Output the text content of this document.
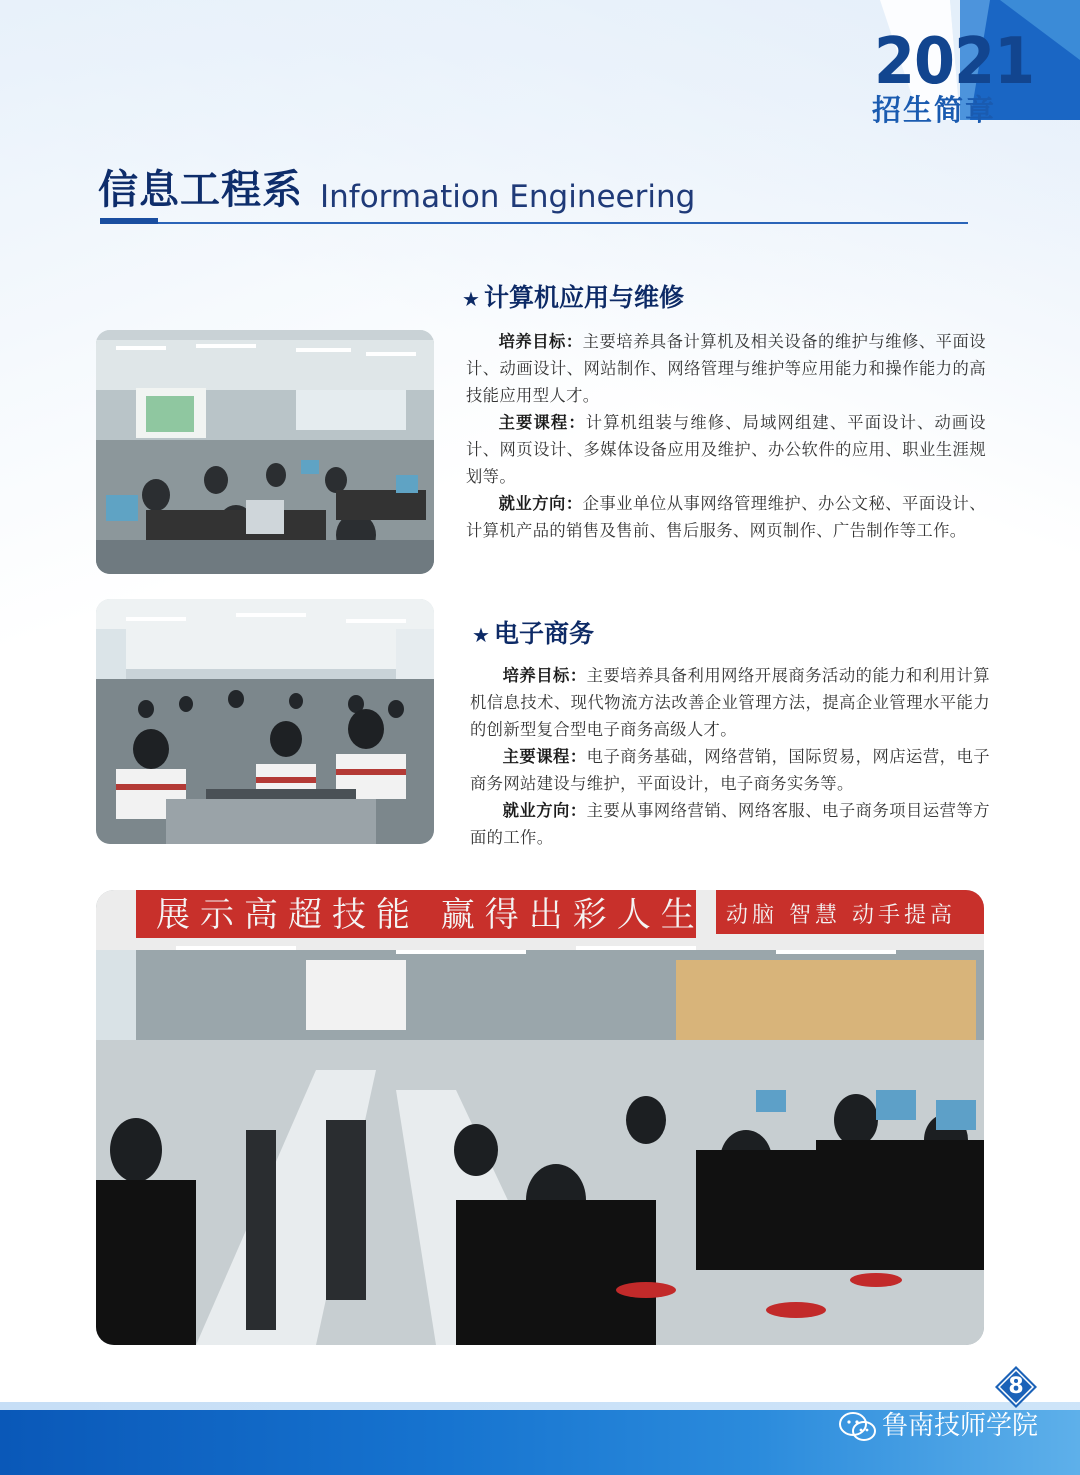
2021
招生简章
信息工程系 Information Engineering
★ 计算机应用与维修

培养目标：主要培养具备计算机及相关设备的维护与维修、平面设计、动画设计、网站制作、网络管理与维护等应用能力和操作能力的高技能应用型人才。

主要课程：计算机组装与维修、局域网组建、平面设计、动画设计、网页设计、多媒体设备应用及维护、办公软件的应用、职业生涯规划等。

就业方向：企事业单位从事网络管理维护、办公文秘、平面设计、计算机产品的销售及售前、售后服务、网页制作、广告制作等工作。

★ 电子商务

培养目标：主要培养具备利用网络开展商务活动的能力和利用计算机信息技术、现代物流方法改善企业管理方法，提高企业管理水平能力的创新型复合型电子商务高级人才。

主要课程：电子商务基础，网络营销，国际贸易，网店运营，电子商务网站建设与维护，平面设计，电子商务实务等。

就业方向：主要从事网络营销、网络客服、电子商务项目运营等方面的工作。

展示高超技能 赢得出彩人生 动脑 智慧 动手提高
8
鲁南技师学院
